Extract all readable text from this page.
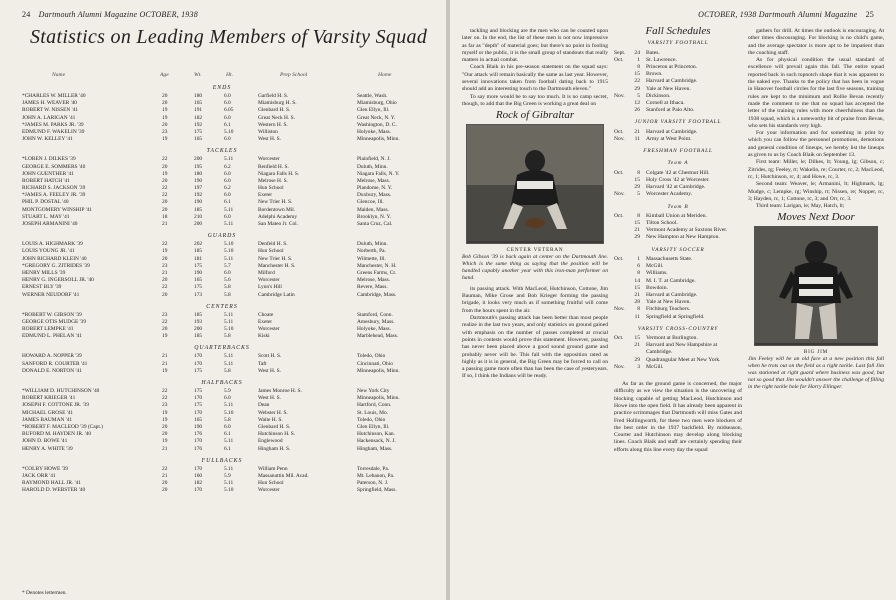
24 Dartmouth Alumni Magazine OCTOBER, 1938
Statistics on Leading Members of Varsity Squad
Name	Age	Wt.	Ht.	Prep School	Home
ENDS
*CHARLES W. MILLER '40	20	180	6.0	Garfield H. S.	Seattle, Wash.
JAMES H. WEAVER '40	20	165	6.0	Miamisburg H. S.	Miamisburg, Ohio
ROBERT W. NISSEN '41	19	191	6.05	Glenbard H. S.	Glen Ellyn, Ill.
JOHN A. LARIGAN '41	19	182	6.0	Great Neck H. S.	Great Neck, N. Y.
*JAMES M. PARKS JR. '39	20	192	6.1	Western H. S.	Washington, D. C.
EDMUND F. WAKELIN '39	23	175	5.10	Williston	Holyoke, Mass.
JOHN W. KELLEY '41	19	165	6.0	West H. S.	Minneapolis, Minn.
TACKLES
*LOREN J. DILKES '39	22	200	5.11	Worcester	Plainfield, N. J.
GEORGE E. SOMMERS '40	20	195	6.2	Renfield H. S.	Duluth, Minn.
JOHN GUENTHER '41	19	180	6.0	Niagara Falls H. S.	Niagara Falls, N. Y.
ROBERT HATCH '41	20	190	6.0	Melrose H. S.	Melrose, Mass.
RICHARD S. JACKSON '39	22	197	6.2	Hun School	Plandome, N. Y.
*JAMES A. FEELEY JR. '39	22	192	6.0	Exeter	Duxbury, Mass.
PHIL P. DOSTAL '40	20	190	6.1	New Trier H. S.	Glencoe, Ill.
MONTGOMERY WINSHIP '41	20	185	5.11	Bordentown Mil.	Malden, Mass.
STUART L. MAY '41	18	210	6.0	Adelphi Academy	Brooklyn, N. Y.
JOSEPH ARMANINI '40	21	200	5.11	San Mateo Jr. Col.	Santa Cruz, Cal.
GUARDS
LOUIS A. HIGHMARK '39	22	202	5.10	Denfeld H. S.	Duluth, Minn.
LOUIS YOUNG JR. '41	19	185	5.10	Hun School	Norberth, Pa.
JOHN RICHARD KLEIN '40	20	181	5.11	New Trier H. S.	Wilmette, Ill.
*GREGORY G. ZITRIDES '39	23	175	5.7	Manchester H. S.	Manchester, N. H.
HENRY MILLS '39	21	190	6.0	Milford	Greens Farms, Ct.
HENRY G. INGERSOLL JR. '40	20	165	5.6	Worcester	Melrose, Mass.
ERNEST BLY '39	22	175	5.8	Lynn's Hill	Revere, Mass.
WERNER NEUDORF '41	20	173	5.8	Cambridge Latin	Cambridge, Mass.
CENTERS
*ROBERT W. GIBSON '39	23	185	5.11	Choate	Stamford, Conn.
GEORGE OTIS MUDGE '39	22	193	5.11	Exeter	Amesbury, Mass.
ROBERT LEMPKE '41	20	200	5.10	Worcester	Holyoke, Mass.
EDMUND L. PHELAN '41	19	185	5.8	Kiski	Marblehead, Mass.
QUARTERBACKS
HOWARD A. NOPPER '39	21	170	5.11	Scott H. S.	Toledo, Ohio
SANFORD R. COURTER '41	21	170	5.11	Taft	Cincinnati, Ohio
DONALD E. NORTON '41	19	175	5.8	West H. S.	Minneapolis, Minn.
HALFBACKS
*WILLIAM D. HUTCHINSON '40	22	175	5.9	James Monroe H. S.	New York City
ROBERT KRIEGER '41	22	170	6.0	West H. S.	Minneapolis, Minn.
JOSEPH F. COTTONE JR. '39	23	175	5.11	Dean	Hartford, Conn.
MICHAEL GROSE '41	19	170	5.10	Webster H. S.	St. Louis, Mo.
JAMES BAUMAN '41	19	165	5.8	Waite H. S.	Toledo, Ohio
*ROBERT F. MACLEOD '39 (Capt.)	20	190	6.0	Glenbard H. S.	Glen Ellyn, Ill.
BUFORD M. HAYDEN JR. '40	20	176	6.1	Hutchinson H. S.	Hutchinson, Kan.
JOHN D. BOWE '41	19	170	5.11	Englewood	Hackensack, N. J.
HENRY A. WHITE '39	21	176	6.1	Hingham H. S.	Hingham, Mass.
FULLBACKS
*COLBY HOWE '39	22	170	5.11	William Penn	Torresdale, Pa.
JACK ORR '41	21	160	5.9	Massanuttin Mil. Acad.	Mt. Lebanon, Pa.
RAYMOND HALL JR. '41	20	182	5.11	Hun School	Paterson, N. J.
HAROLD D. WEBSTER '40	20	170	5.10	Worcester	Springfield, Mass.
* Denotes lettermen.
OCTOBER, 1938 Dartmouth Alumni Magazine 25

tackling and blocking are the men who can be counted upon later on. In the end, the list of these men is not now impressive as far as "depth" of material goes; but there's no point in fooling myself or the public, it is the small group of standouts that really matters in actual combat.

Coach Blaik in his pre-season statement on the squad says: "Our attack will remain basically the same as last year. However, several innovations taken from football dating back to 1915 should add an interesting touch to the Dartmouth eleven."

To say more would be to say too much. It is no camp secret, though, to add that the Big Green is working a great deal on

Rock of Gibraltar
CENTER VETERAN
Bob Gibson '39 is back again at center on the Dartmouth line. Which is the same thing as saying that the position will be handled capably another year with this iron-man performer on hand.

its passing attack. With MacLeod, Hutchinson, Cottone, Jim Bauman, Mike Grose and Bob Krieger forming the passing brigade, it looks very much as if something fruitful will come from the hours spent in the air.

Dartmouth's passing attack has been better than most people realize in the last two years, and only statistics on ground gained with emphasis on the number of passes completed at crucial points in contests would prove this statement. However, passing has never been placed above a good sound ground game and probably never will be. This fall with the opposition rated as highly as it is in general, the Big Green may be forced to call on a passing game more often than has been the case of yesteryears. If so, I think the Indians will be ready.

Fall Schedules
VARSITY FOOTBALL
Sept.	24 Bates.
Oct.	1 St. Lawrence.
8 Princeton at Princeton.
15 Brown.
22 Harvard at Cambridge.
29 Yale at New Haven.
Nov.	5 Dickinson.
12 Cornell at Ithaca.
26 Stanford at Palo Alto.
JUNIOR VARSITY FOOTBALL
Oct.	21 Harvard at Cambridge.
Nov.	11 Army at West Point.
FRESHMAN FOOTBALL
Team A
Oct.	8 Colgate '42 at Chestnut Hill.
15 Holy Cross '42 at Worcester.
29 Harvard '42 at Cambridge.
Nov.	5 Worcester Academy.
Team B
Oct.	8 Kimball Union at Meriden.
15 Tilton School.
21 Vermont Academy at Saxtons River.
29 New Hampton at New Hampton.
VARSITY SOCCER
Oct.	1 Massachusetts State.
6 McGill.
8 Williams.
14 M. I. T. at Cambridge.
15 Bowdoin.
21 Harvard at Cambridge.
28 Yale at New Haven.
Nov.	8 Fitchburg Teachers.
11 Springfield at Springfield.
VARSITY CROSS-COUNTRY
Oct.	15 Vermont at Burlington.
21 Harvard and New Hampshire at Cambridge.
29 Quadrangular Meet at New York.
Nov.	3 McGill.

As far as the ground game is concerned, the major difficulty as we view the situation is the uncovering of blocking capable of getting MacLeod, Hutchinson and Howe into the open field. It has already been apparent in practice scrimmages that Dartmouth will miss Gates and Fred Hollingworth, for these two men were blockers of the best order in the 1937 backfield. By midseason, Courter and Hutchinson may develop along blocking lines. Coach Blaik and staff are certainly spending their efforts along this line every day the squad

gathers for drill. At times the outlook is encouraging. At other times discouraging. For blocking is no child's game, and the average spectator is more apt to be impatient than the coaching staff.

As for physical condition the usual standard of excellence will prevail again this fall. The entire squad reported back in such topnotch shape that it was apparent to the naked eye. Thanks to the policy that has been in vogue in Hanover football circles for the last five seasons, training rules are kept to the minimum and Rollie Bevan recently made the comment to me that no squad has accepted the letter of the training rules with more cheerfulness than the 1938 squad, which is a noteworthy bit of praise from Bevan, who sets his standards very high.

For your information and for something in print by which you can follow the personnel promotions, demotions and general condition of lineups, we hereby list the lineups as given to us by Coach Blaik on September 13.

First team: Miller, le; Dilkes, lt; Young, lg; Gibson, c; Zitrides, rg; Feeley, rt; Wakelin, re; Courter, rc, 2; MacLeod, rc, 1; Hutchinson, rc, 4; and Howe, rc, 3.

Second team: Weaver, le; Armanini, lt; Highmark, lg; Mudge, c; Lempke, rg; Winship, rt; Nissen, re; Nopper, rc, 3; Hayden, rc, 1; Cottone, rc, 3; and Orr, rc, 3.

Third team: Larigan, le; May, Hatch, lt;

Moves Next Door
BIG JIM
Jim Feeley will be an old face at a new position this fall when he trots out on the field as a right tackle. Last fall Jim was stationed at right guard where business was good, but not so good that Jim wouldn't answer the challenge of filling in the right tackle hole for Harry Ellinger.
